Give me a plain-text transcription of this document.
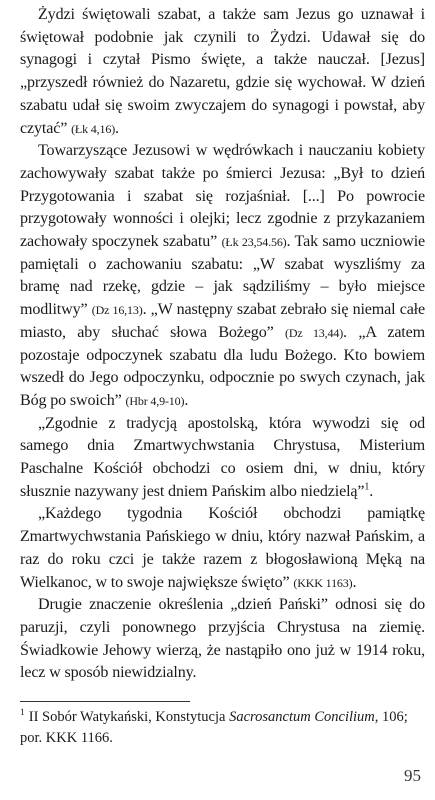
Żydzi świętowali szabat, a także sam Jezus go uznawał i świętował podobnie jak czynili to Żydzi. Udawał się do synagogi i czytał Pismo święte, a także nauczał. [Jezus] „przyszedł również do Nazaretu, gdzie się wychował. W dzień szabatu udał się swoim zwyczajem do synagogi i powstał, aby czytać” (Łk 4,16).

Towarzyszące Jezusowi w wędrówkach i nauczaniu kobiety zachowywały szabat także po śmierci Jezusa: „Był to dzień Przygotowania i szabat się rozjaśniał. [...] Po powrocie przygotowały wonności i olejki; lecz zgodnie z przykazaniem zachowały spoczynek szabatu” (Łk 23,54.56). Tak samo uczniowie pamiętali o zachowaniu szabatu: „W szabat wyszliśmy za bramę nad rzekę, gdzie – jak sądziliśmy – było miejsce modlitwy” (Dz 16,13). „W następny szabat zebrało się niemal całe miasto, aby słuchać słowa Bożego” (Dz 13,44). „A zatem pozostaje odpoczynek szabatu dla ludu Bożego. Kto bowiem wszedł do Jego odpoczynku, odpocznie po swych czynach, jak Bóg po swoich” (Hbr 4,9-10).

„Zgodnie z tradycją apostolską, która wywodzi się od samego dnia Zmartwychwstania Chrystusa, Misterium Paschalne Kościół obchodzi co osiem dni, w dniu, który słusznie nazywany jest dniem Pańskim albo niedzielą”$^1$.

„Każdego tygodnia Kościół obchodzi pamiątkę Zmartwychwstania Pańskiego w dniu, który nazwał Pańskim, a raz do roku czci je także razem z błogosławioną Męką na Wielkanoc, w to swoje największe święto” (KKK 1163).

Drugie znaczenie określenia „dzień Pański” odnosi się do paruzji, czyli ponownego przyjścia Chrystusa na ziemię. Świadkowie Jehowy wierzą, że nastąpiło ono już w 1914 roku, lecz w sposób niewidzialny.

$^1$ II Sobór Watykański, Konstytucja Sacrosanctum Concilium, 106; por. KKK 1166.
95
